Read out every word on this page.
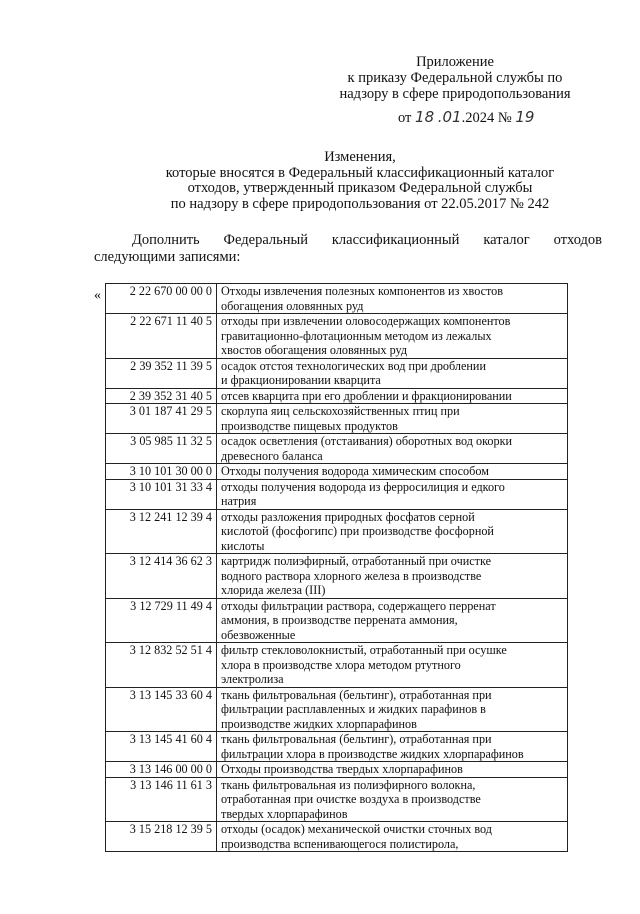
Приложение
к приказу Федеральной службы по
надзору в сфере природопользования
от 18 .01.2024 № 19
Изменения,
которые вносятся в Федеральный классификационный каталог
отходов, утвержденный приказом Федеральной службы
по надзору в сфере природопользования от 22.05.2017 № 242
Дополнить Федеральный классификационный каталог отходов
следующими записями:
« 2 22 670 00 00 0	Отходы извлечения полезных компонентов из хвостов
обогащения оловянных руд

2 22 671 11 40 5	отходы при извлечении оловосодержащих компонентов
гравитационно-флотационным методом из лежалых
хвостов обогащения оловянных руд

2 39 352 11 39 5	осадок отстоя технологических вод при дроблении
и фракционировании кварцита

2 39 352 31 40 5	отсев кварцита при его дроблении и фракционировании

3 01 187 41 29 5	скорлупа яиц сельскохозяйственных птиц при
производстве пищевых продуктов

3 05 985 11 32 5	осадок осветления (отстаивания) оборотных вод окорки
древесного баланса

3 10 101 30 00 0	Отходы получения водорода химическим способом

3 10 101 31 33 4	отходы получения водорода из ферросилиция и едкого
натрия

3 12 241 12 39 4	отходы разложения природных фосфатов серной
кислотой (фосфогипс) при производстве фосфорной
кислоты

3 12 414 36 62 3	картридж полиэфирный, отработанный при очистке
водного раствора хлорного железа в производстве
хлорида железа (III)

3 12 729 11 49 4	отходы фильтрации раствора, содержащего перренат
аммония, в производстве перрената аммония,
обезвоженные

3 12 832 52 51 4	фильтр стекловолокнистый, отработанный при осушке
хлора в производстве хлора методом ртутного
электролиза

3 13 145 33 60 4	ткань фильтровальная (бельтинг), отработанная при
фильтрации расплавленных и жидких парафинов в
производстве жидких хлорпарафинов

3 13 145 41 60 4	ткань фильтровальная (бельтинг), отработанная при
фильтрации хлора в производстве жидких хлорпарафинов

3 13 146 00 00 0	Отходы производства твердых хлорпарафинов

3 13 146 11 61 3	ткань фильтровальная из полиэфирного волокна,
отработанная при очистке воздуха в производстве
твердых хлорпарафинов

3 15 218 12 39 5	отходы (осадок) механической очистки сточных вод
производства вспенивающегося полистирола,
